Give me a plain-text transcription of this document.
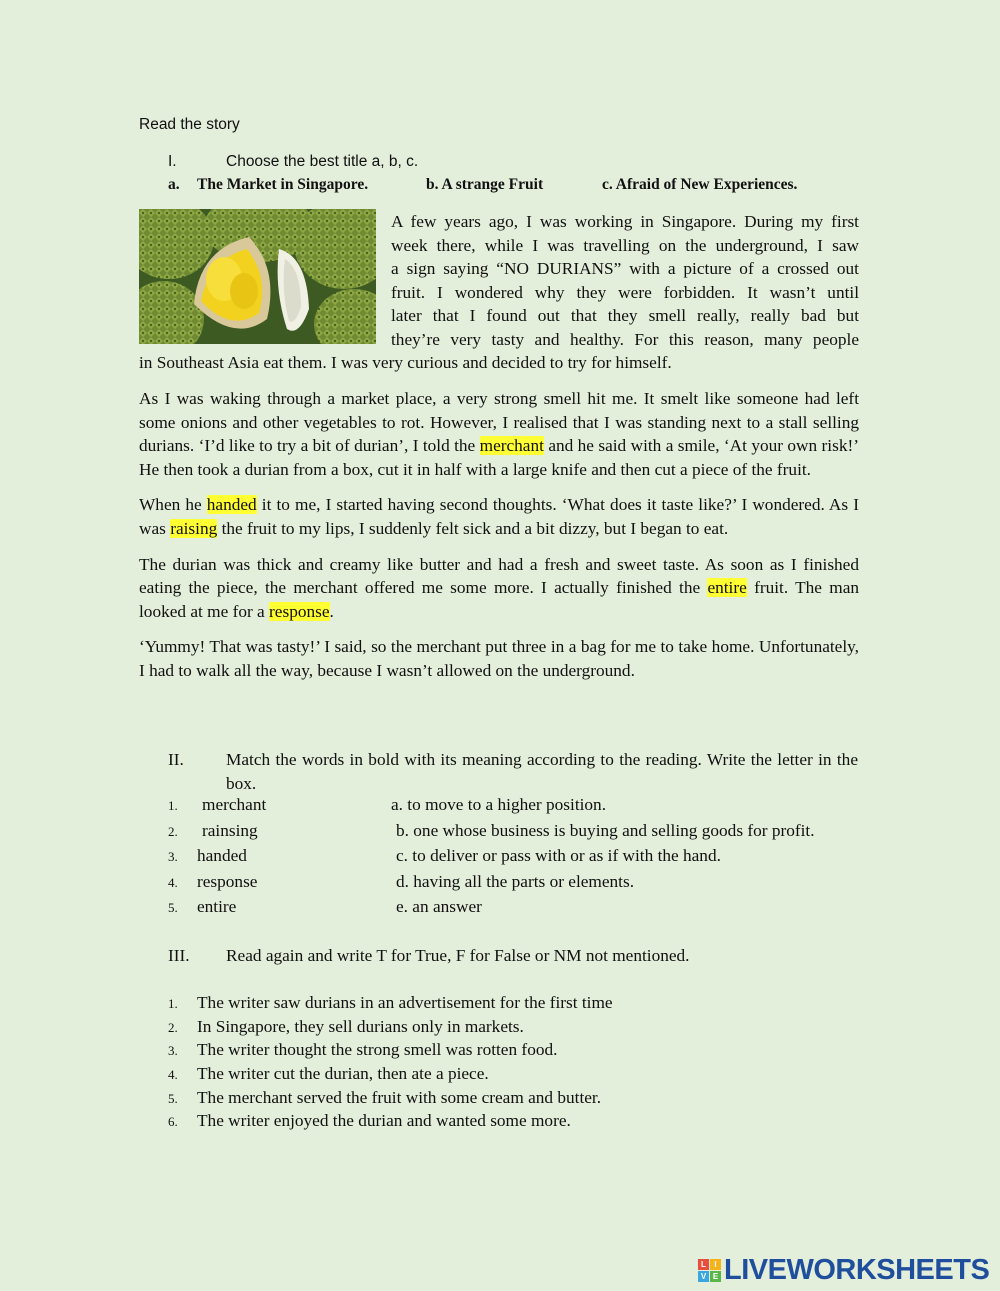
Read the story
I.	Choose the best title a, b, c.
a. The Market in Singapore.	b. A strange Fruit	c. Afraid of New Experiences.
A few years ago, I was working in Singapore. During my first
week there, while I was travelling on the underground, I saw
a sign saying “NO DURIANS” with a picture of a crossed out
fruit. I wondered why they were forbidden. It wasn’t until
later that I found out that they smell really, really bad but
they’re very tasty and healthy. For this reason, many people
in Southeast Asia eat them. I was very curious and decided to try for himself.

As I was waking through a market place, a very strong smell hit me. It smelt like someone had left some onions and other vegetables to rot. However, I realised that I was standing next to a stall selling durians. ‘I’d like to try a bit of durian’, I told the merchant and he said with a smile, ‘At your own risk!’ He then took a durian from a box, cut it in half with a large knife and then cut a piece of the fruit.

When he handed it to me, I started having second thoughts. ‘What does it taste like?’ I wondered. As I was raising the fruit to my lips, I suddenly felt sick and a bit dizzy, but I began to eat.

The durian was thick and creamy like butter and had a fresh and sweet taste. As soon as I finished eating the piece, the merchant offered me some more. I actually finished the entire fruit. The man looked at me for a response.

‘Yummy! That was tasty!’ I said, so the merchant put three in a bag for me to take home. Unfortunately, I had to walk all the way, because I wasn’t allowed on the underground.

II. Match the words in bold with its meaning according to the reading. Write the letter in the box.
1. merchant	a. to move to a higher position.
2. rainsing	b. one whose business is buying and selling goods for profit.
3. handed	c. to deliver or pass with or as if with the hand.
4. response	d. having all the parts or elements.
5. entire	e. an answer
III. Read again and write T for True, F for False or NM not mentioned.
1. The writer saw durians in an advertisement for the first time
2. In Singapore, they sell durians only in markets.
3. The writer thought the strong smell was rotten food.
4. The writer cut the durian, then ate a piece.
5. The merchant served the fruit with some cream and butter.
6. The writer enjoyed the durian and wanted some more.
L	I
V E LIVEWORKSHEETS
